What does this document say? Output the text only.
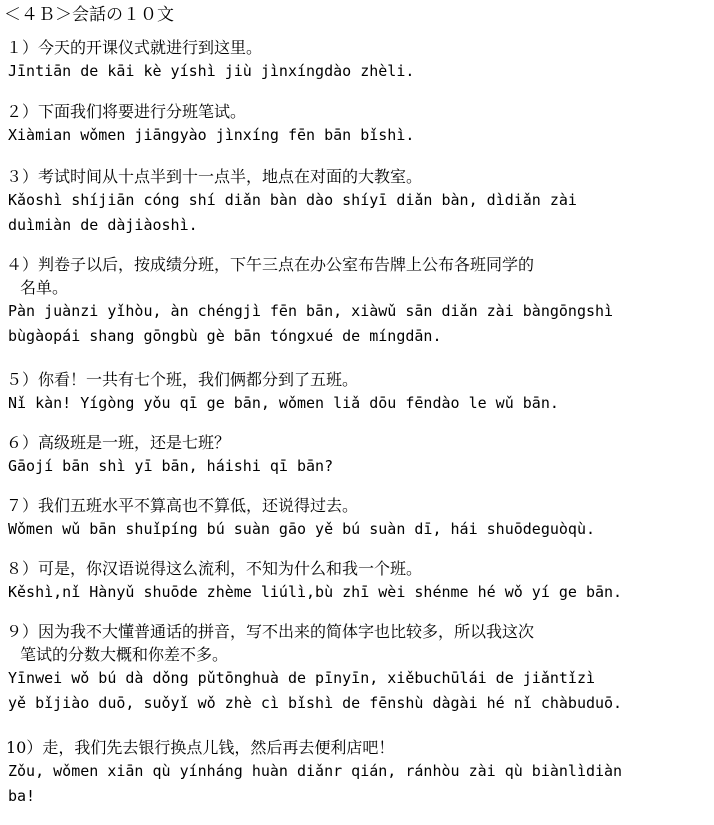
＜４Ｂ＞会話の１０文
１）今天的开课仪式就进行到这里。
Jīntiān de kāi kè yíshì jiù jìnxíngdào zhèli.
２）下面我们将要进行分班笔试。
Xiàmian wǒmen jiāngyào jìnxíng fēn bān bǐshì.
３）考试时间从十点半到十一点半，地点在对面的大教室。
Kǎoshì shíjiān cóng shí diǎn bàn dào shíyī diǎn bàn, dìdiǎn zài
duìmiàn de dàjiàoshì.
４）判卷子以后，按成绩分班，下午三点在办公室布告牌上公布各班同学的
名单。
Pàn juànzi yǐhòu, àn chéngjì fēn bān, xiàwǔ sān diǎn zài bàngōngshì
bùgàopái shang gōngbù gè bān tóngxué de míngdān.
５）你看！一共有七个班，我们俩都分到了五班。
Nǐ kàn! Yígòng yǒu qī ge bān, wǒmen liǎ dōu fēndào le wǔ bān.
６）高级班是一班，还是七班？
Gāojí bān shì yī bān, háishi qī bān?
７）我们五班水平不算高也不算低，还说得过去。
Wǒmen wǔ bān shuǐpíng bú suàn gāo yě bú suàn dī, hái shuōdeguòqù.
８）可是，你汉语说得这么流利，不知为什么和我一个班。
Kěshì,nǐ Hànyǔ shuōde zhème liúlì,bù zhī wèi shénme hé wǒ yí ge bān.
９）因为我不大懂普通话的拼音，写不出来的简体字也比较多，所以我这次
笔试的分数大概和你差不多。
Yīnwei wǒ bú dà dǒng pǔtōnghuà de pīnyīn, xiěbuchūlái de jiǎntǐzì
yě bǐjiào duō, suǒyǐ wǒ zhè cì bǐshì de fēnshù dàgài hé nǐ chàbuduō.
10）走，我们先去银行换点儿钱，然后再去便利店吧！
Zǒu, wǒmen xiān qù yínháng huàn diǎnr qián, ránhòu zài qù biànlìdiàn
ba!
